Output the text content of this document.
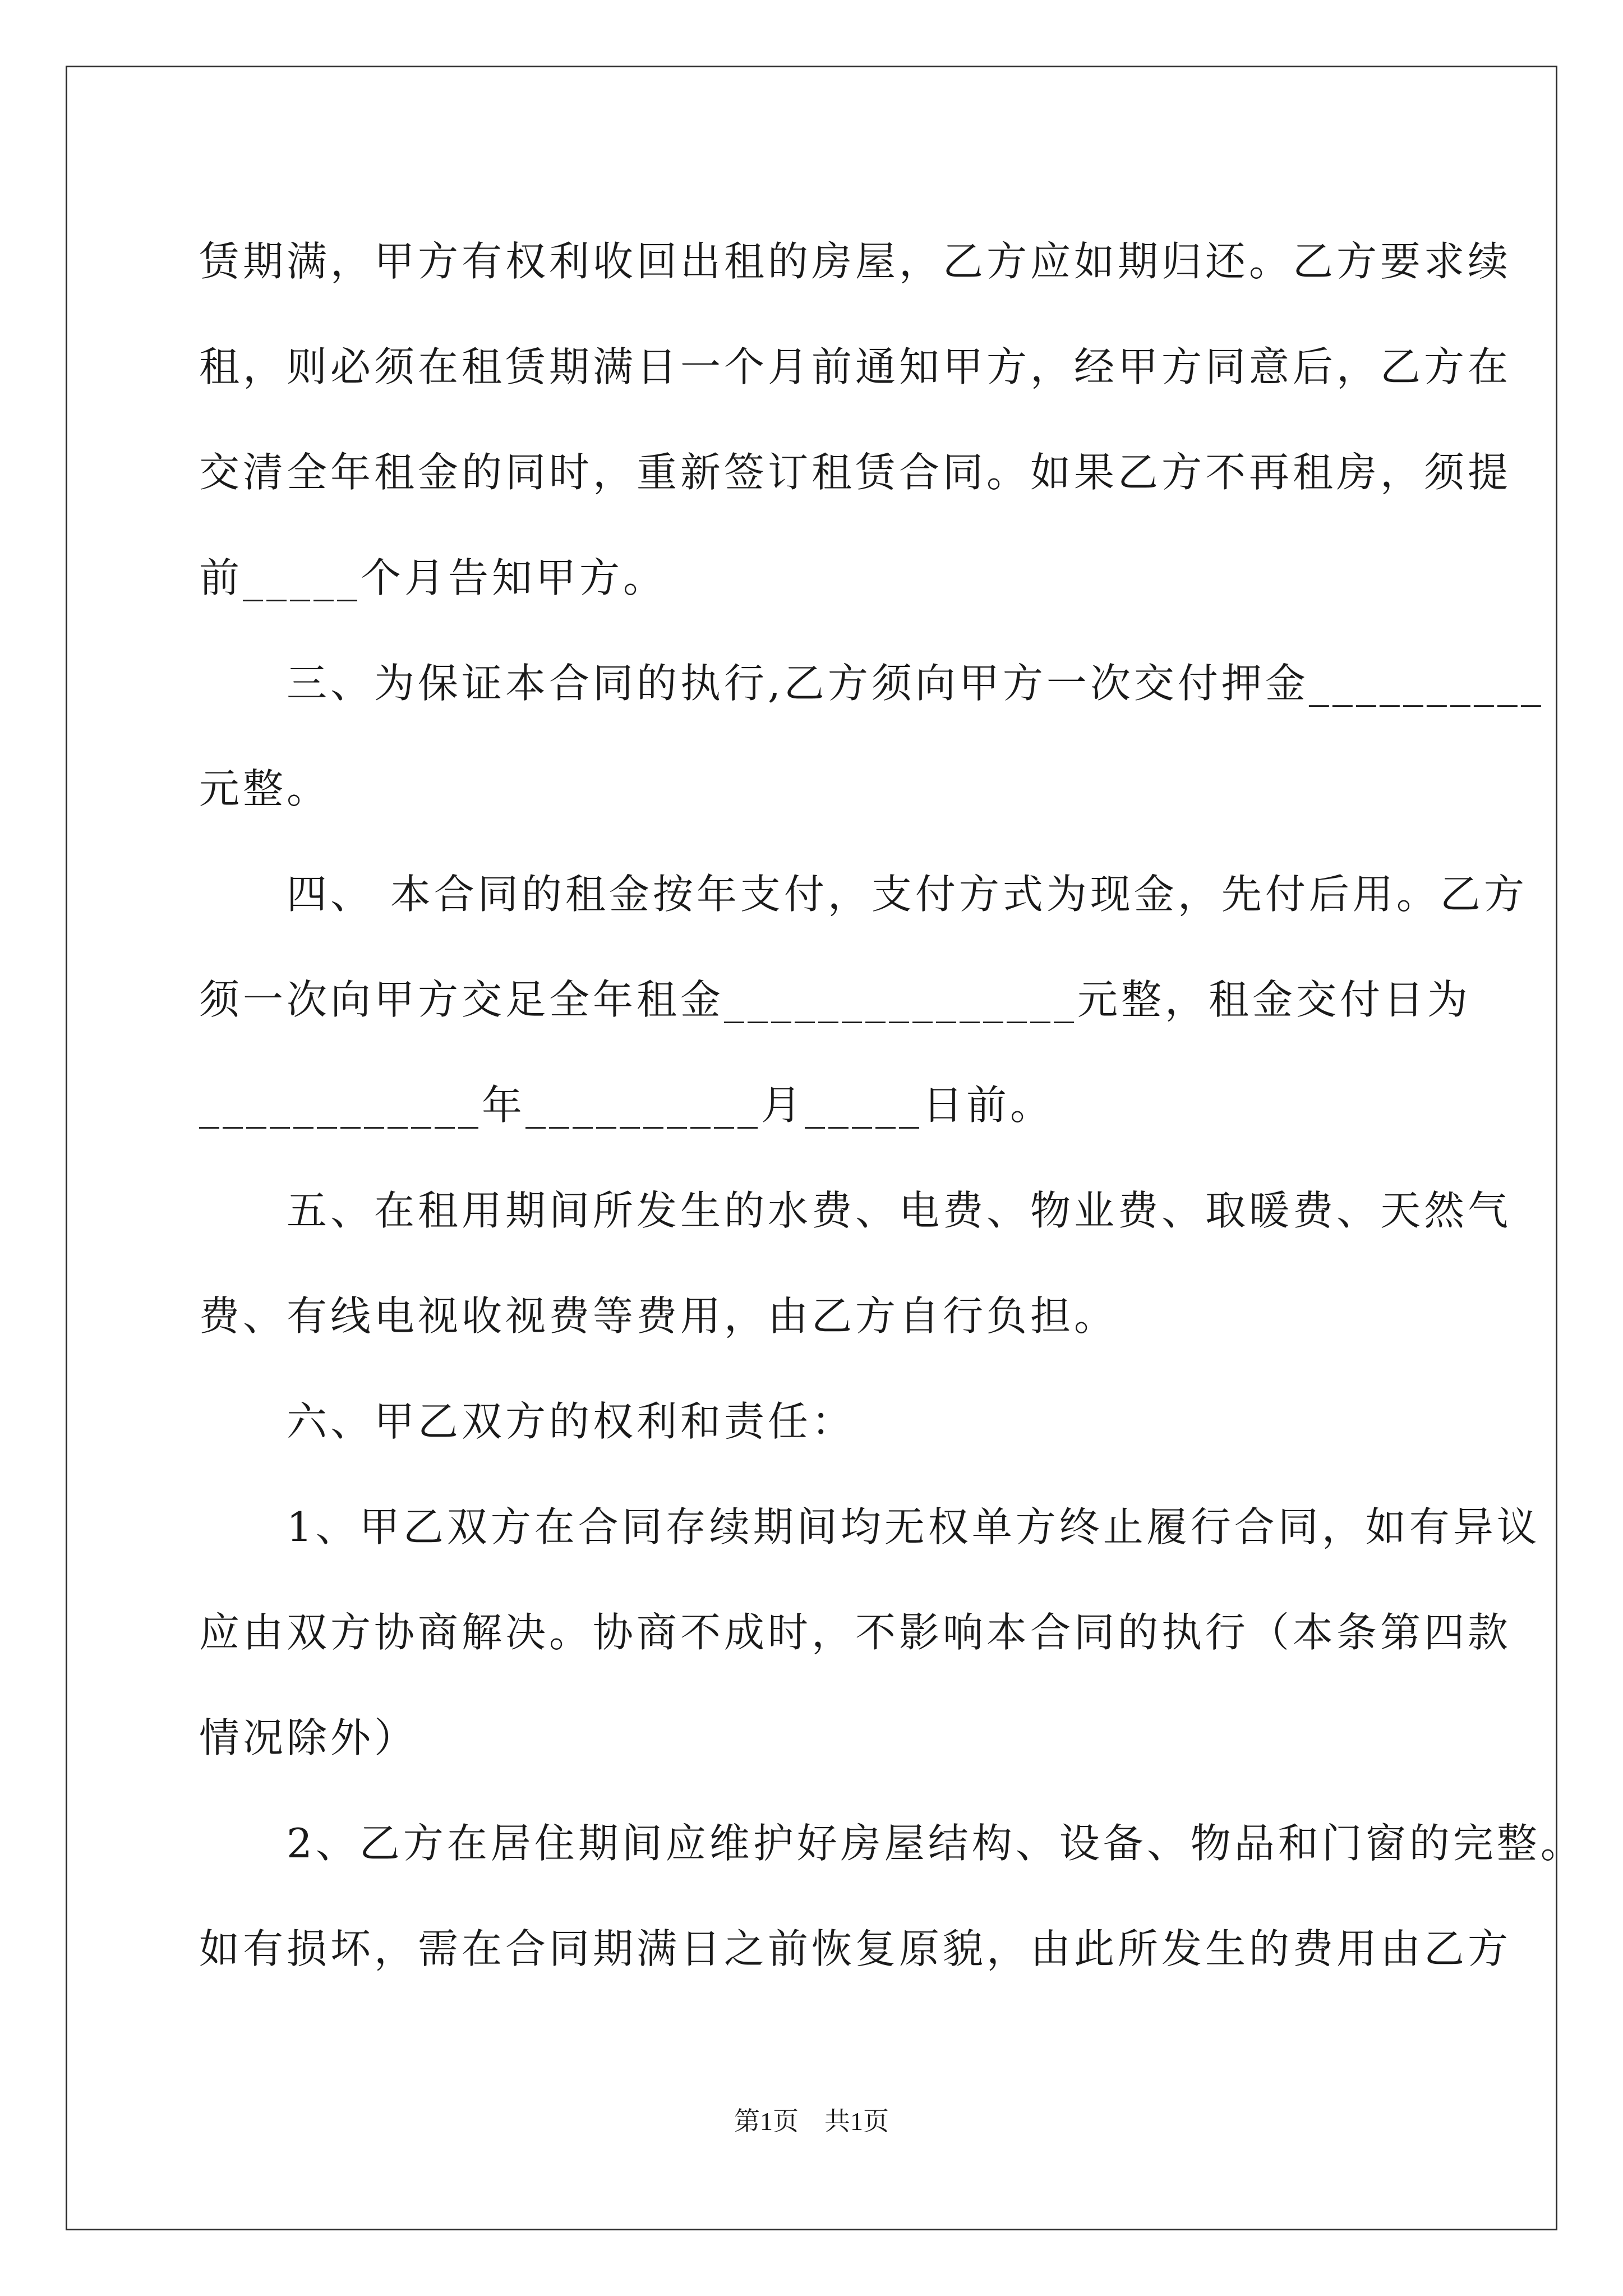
赁期满，甲方有权利收回出租的房屋，乙方应如期归还。乙方要求续
租，则必须在租赁期满日一个月前通知甲方，经甲方同意后，乙方在
交清全年租金的同时，重新签订租赁合同。如果乙方不再租房，须提
前_____个月告知甲方。
　　三、为保证本合同的执行,乙方须向甲方一次交付押金__________
元整。
　　四、 本合同的租金按年支付，支付方式为现金，先付后用。乙方
须一次向甲方交足全年租金_______________元整，租金交付日为
____________年__________月_____日前。
　　五、在租用期间所发生的水费、电费、物业费、取暖费、天然气
费、有线电视收视费等费用，由乙方自行负担。
　　六、甲乙双方的权利和责任：
　　1、甲乙双方在合同存续期间均无权单方终止履行合同，如有异议
应由双方协商解决。协商不成时，不影响本合同的执行（本条第四款
情况除外）
　　2、乙方在居住期间应维护好房屋结构、设备、物品和门窗的完整。
如有损坏，需在合同期满日之前恢复原貌，由此所发生的费用由乙方
第1页　共1页
